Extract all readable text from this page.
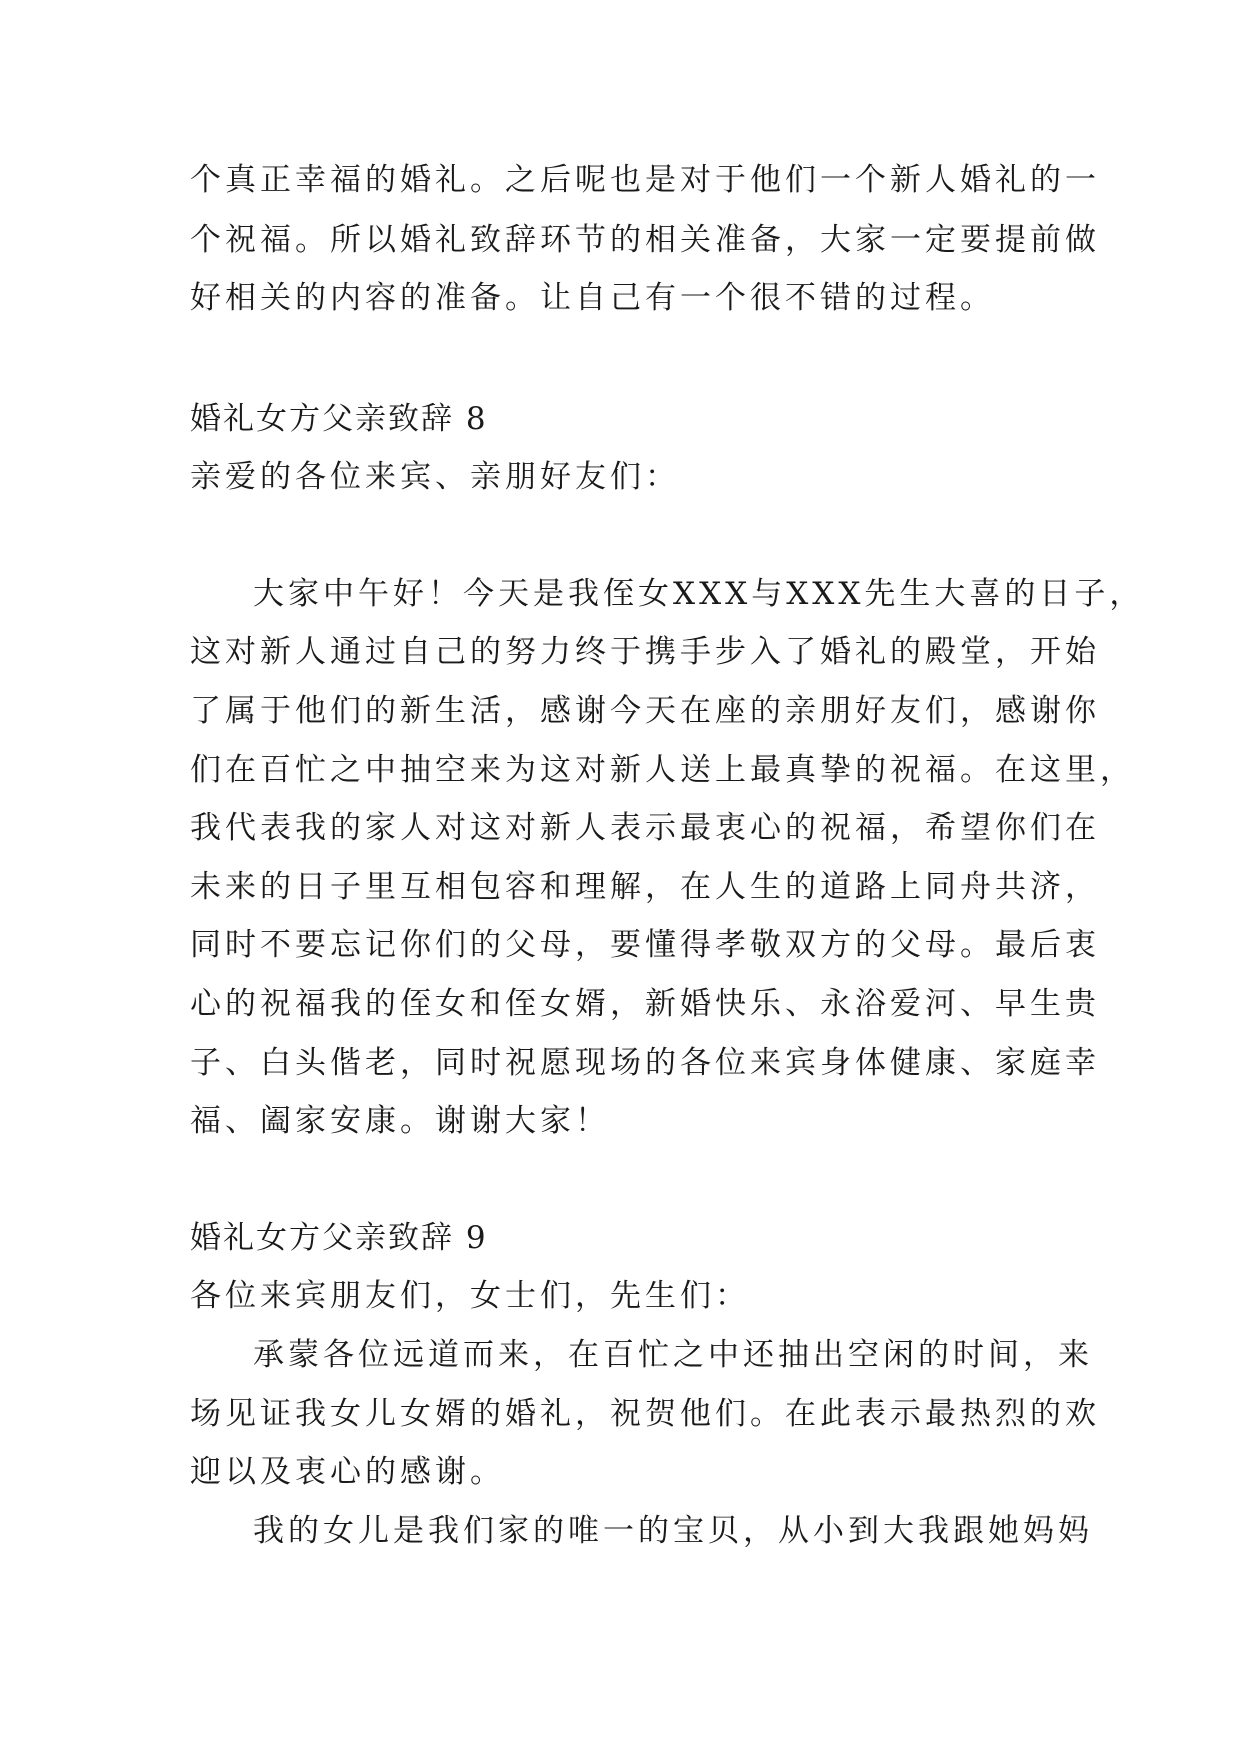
个真正幸福的婚礼。之后呢也是对于他们一个新人婚礼的一
个祝福。所以婚礼致辞环节的相关准备，大家一定要提前做
好相关的内容的准备。让自己有一个很不错的过程。
婚礼女方父亲致辞 8
亲爱的各位来宾、亲朋好友们：
大家中午好！今天是我侄女XXX与XXX先生大喜的日子，
这对新人通过自己的努力终于携手步入了婚礼的殿堂，开始
了属于他们的新生活，感谢今天在座的亲朋好友们，感谢你
们在百忙之中抽空来为这对新人送上最真挚的祝福。在这里，
我代表我的家人对这对新人表示最衷心的祝福，希望你们在
未来的日子里互相包容和理解，在人生的道路上同舟共济，
同时不要忘记你们的父母，要懂得孝敬双方的父母。最后衷
心的祝福我的侄女和侄女婿，新婚快乐、永浴爱河、早生贵
子、白头偕老，同时祝愿现场的各位来宾身体健康、家庭幸
福、阖家安康。谢谢大家！
婚礼女方父亲致辞 9
各位来宾朋友们，女士们，先生们：
承蒙各位远道而来，在百忙之中还抽出空闲的时间，来
场见证我女儿女婿的婚礼，祝贺他们。在此表示最热烈的欢
迎以及衷心的感谢。
我的女儿是我们家的唯一的宝贝，从小到大我跟她妈妈
